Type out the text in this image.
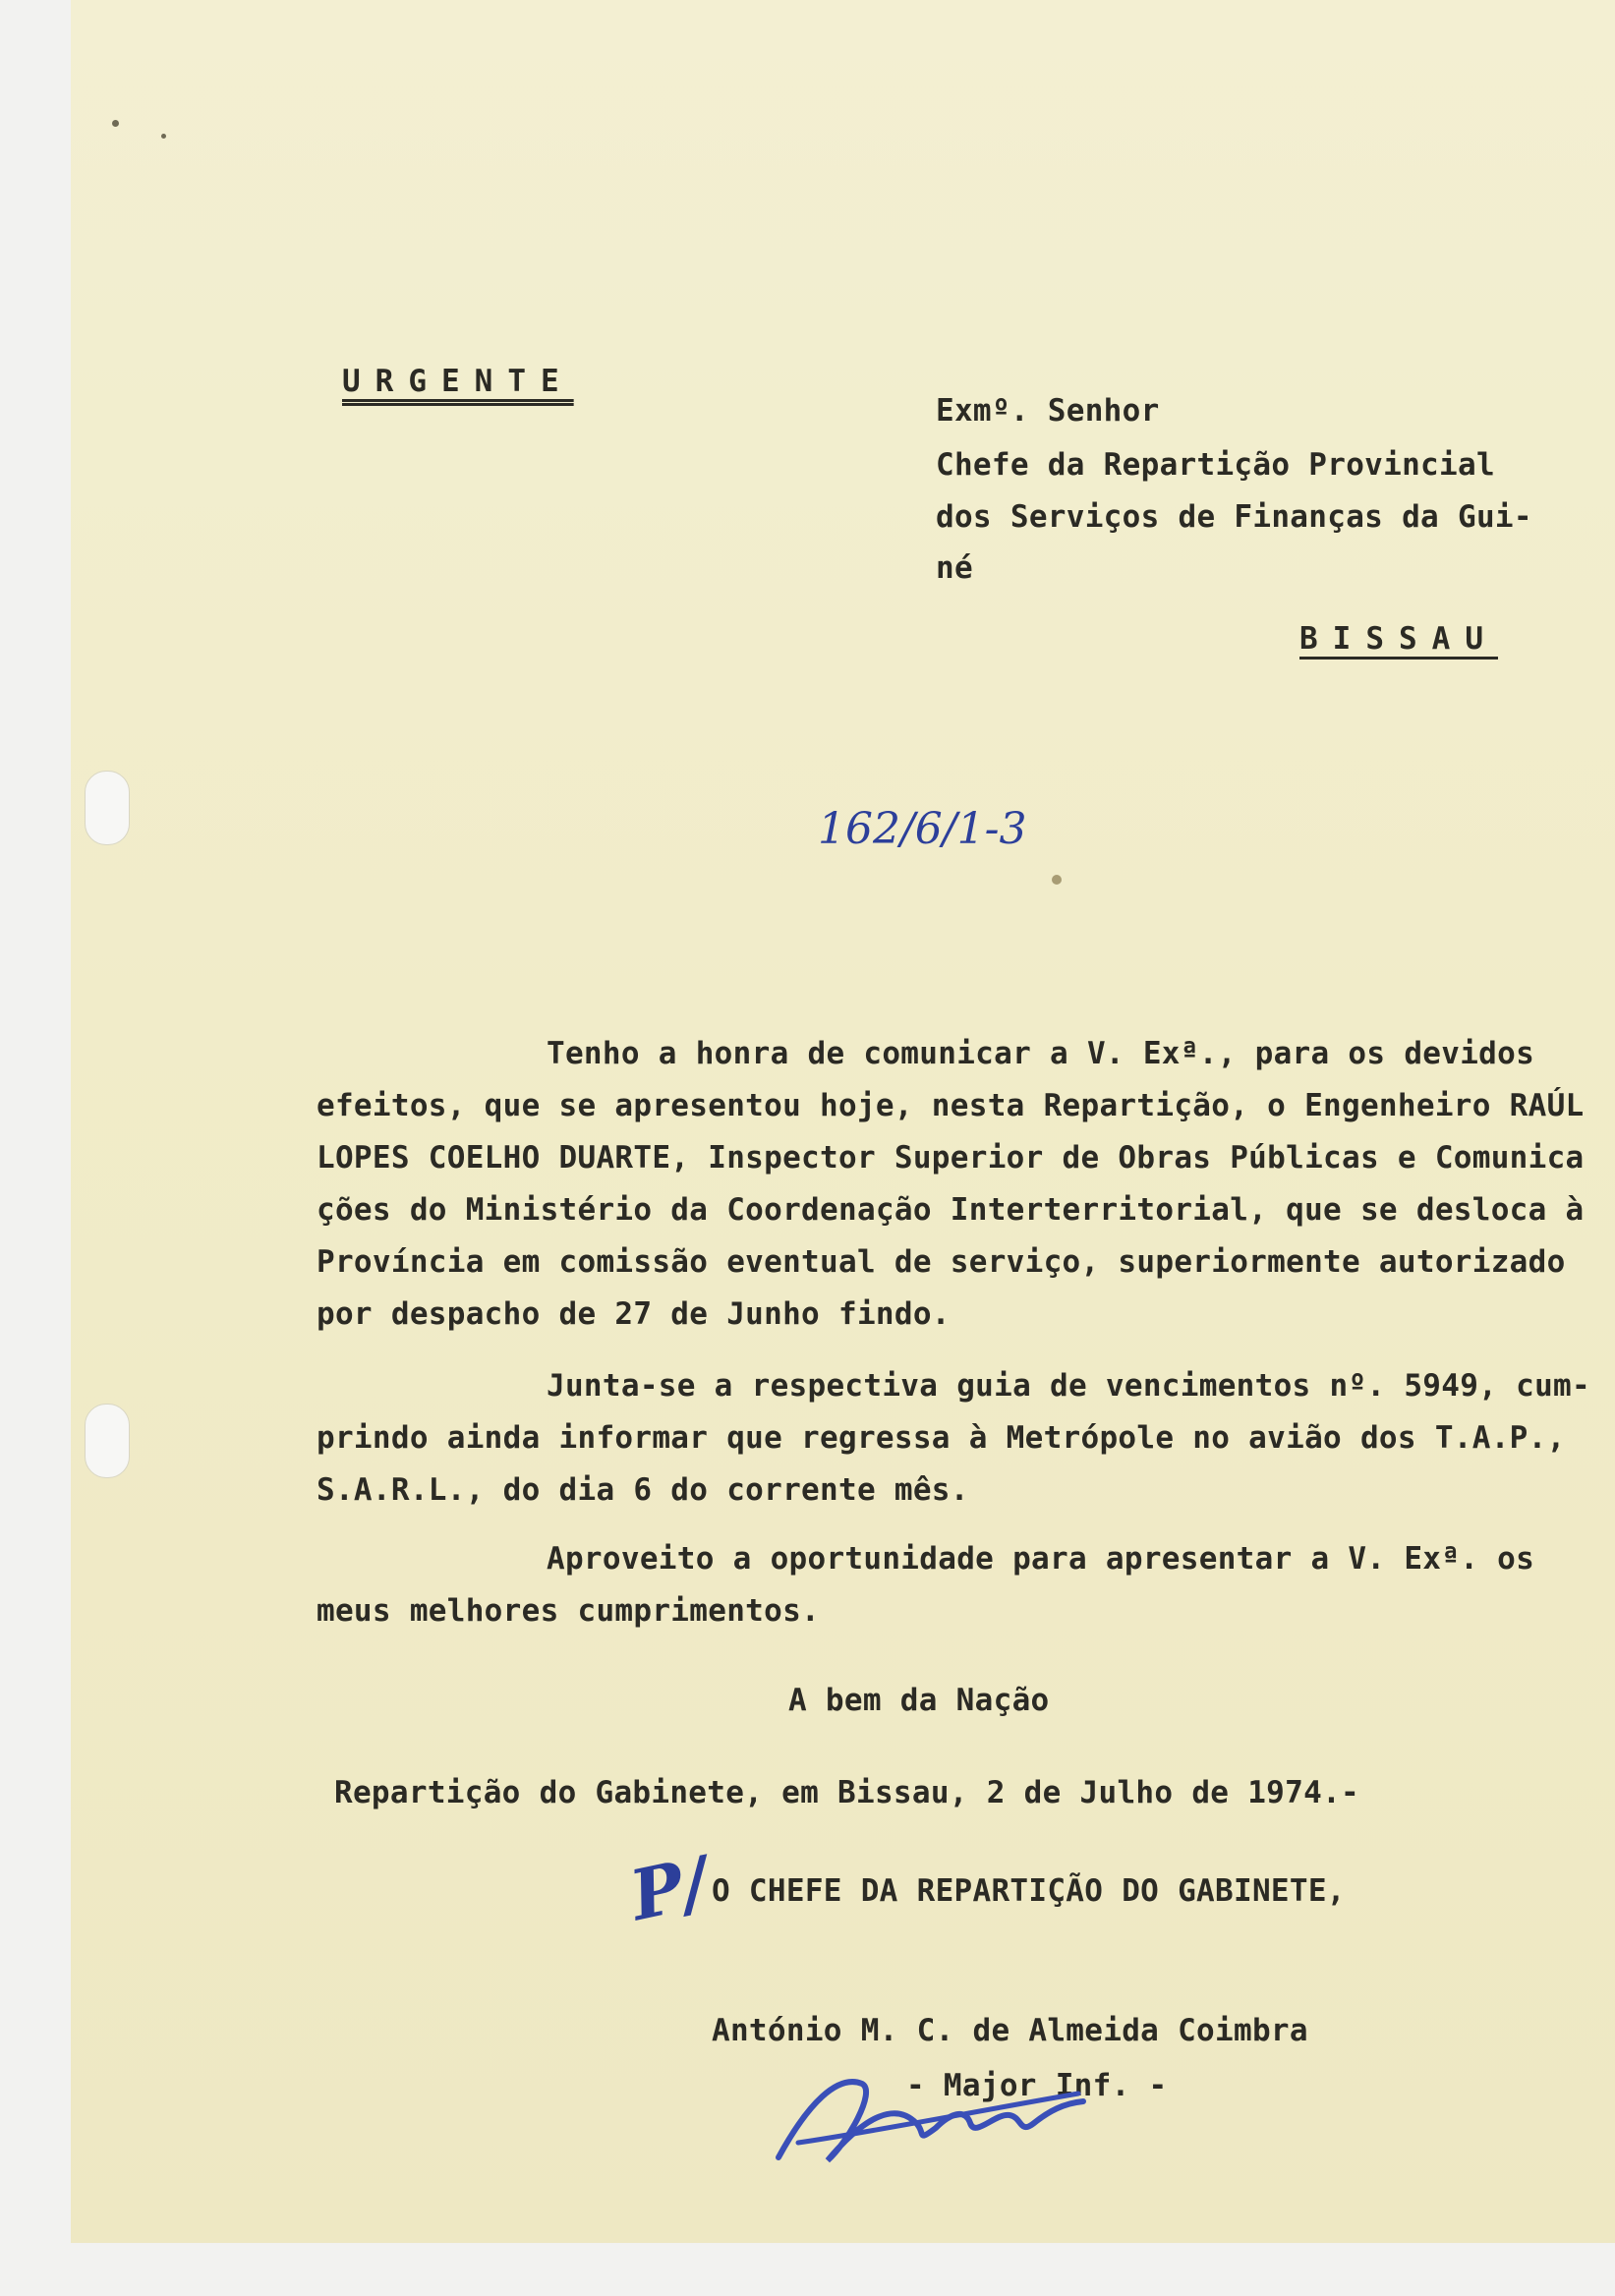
URGENTE
Exmº. Senhor
Chefe da Repartição Provincial
dos Serviços de Finanças da Gui-
né
BISSAU
162/6/1-3
Tenho a honra de comunicar a V. Exª., para os devidos
efeitos, que se apresentou hoje, nesta Repartição, o Engenheiro RAÚL
LOPES COELHO DUARTE, Inspector Superior de Obras Públicas e Comunica
ções do Ministério da Coordenação Interterritorial, que se desloca à
Província em comissão eventual de serviço, superiormente autorizado
por despacho de 27 de Junho findo.
Junta-se a respectiva guia de vencimentos nº. 5949, cum-
prindo ainda informar que regressa à Metrópole no avião dos T.A.P.,
S.A.R.L., do dia 6 do corrente mês.
Aproveito a oportunidade para apresentar a V. Exª. os
meus melhores cumprimentos.
A bem da Nação
Repartição do Gabinete, em Bissau, 2 de Julho de 1974.-
P/
O CHEFE DA REPARTIÇÃO DO GABINETE,
António M. C. de Almeida Coimbra
- Major Inf. -
